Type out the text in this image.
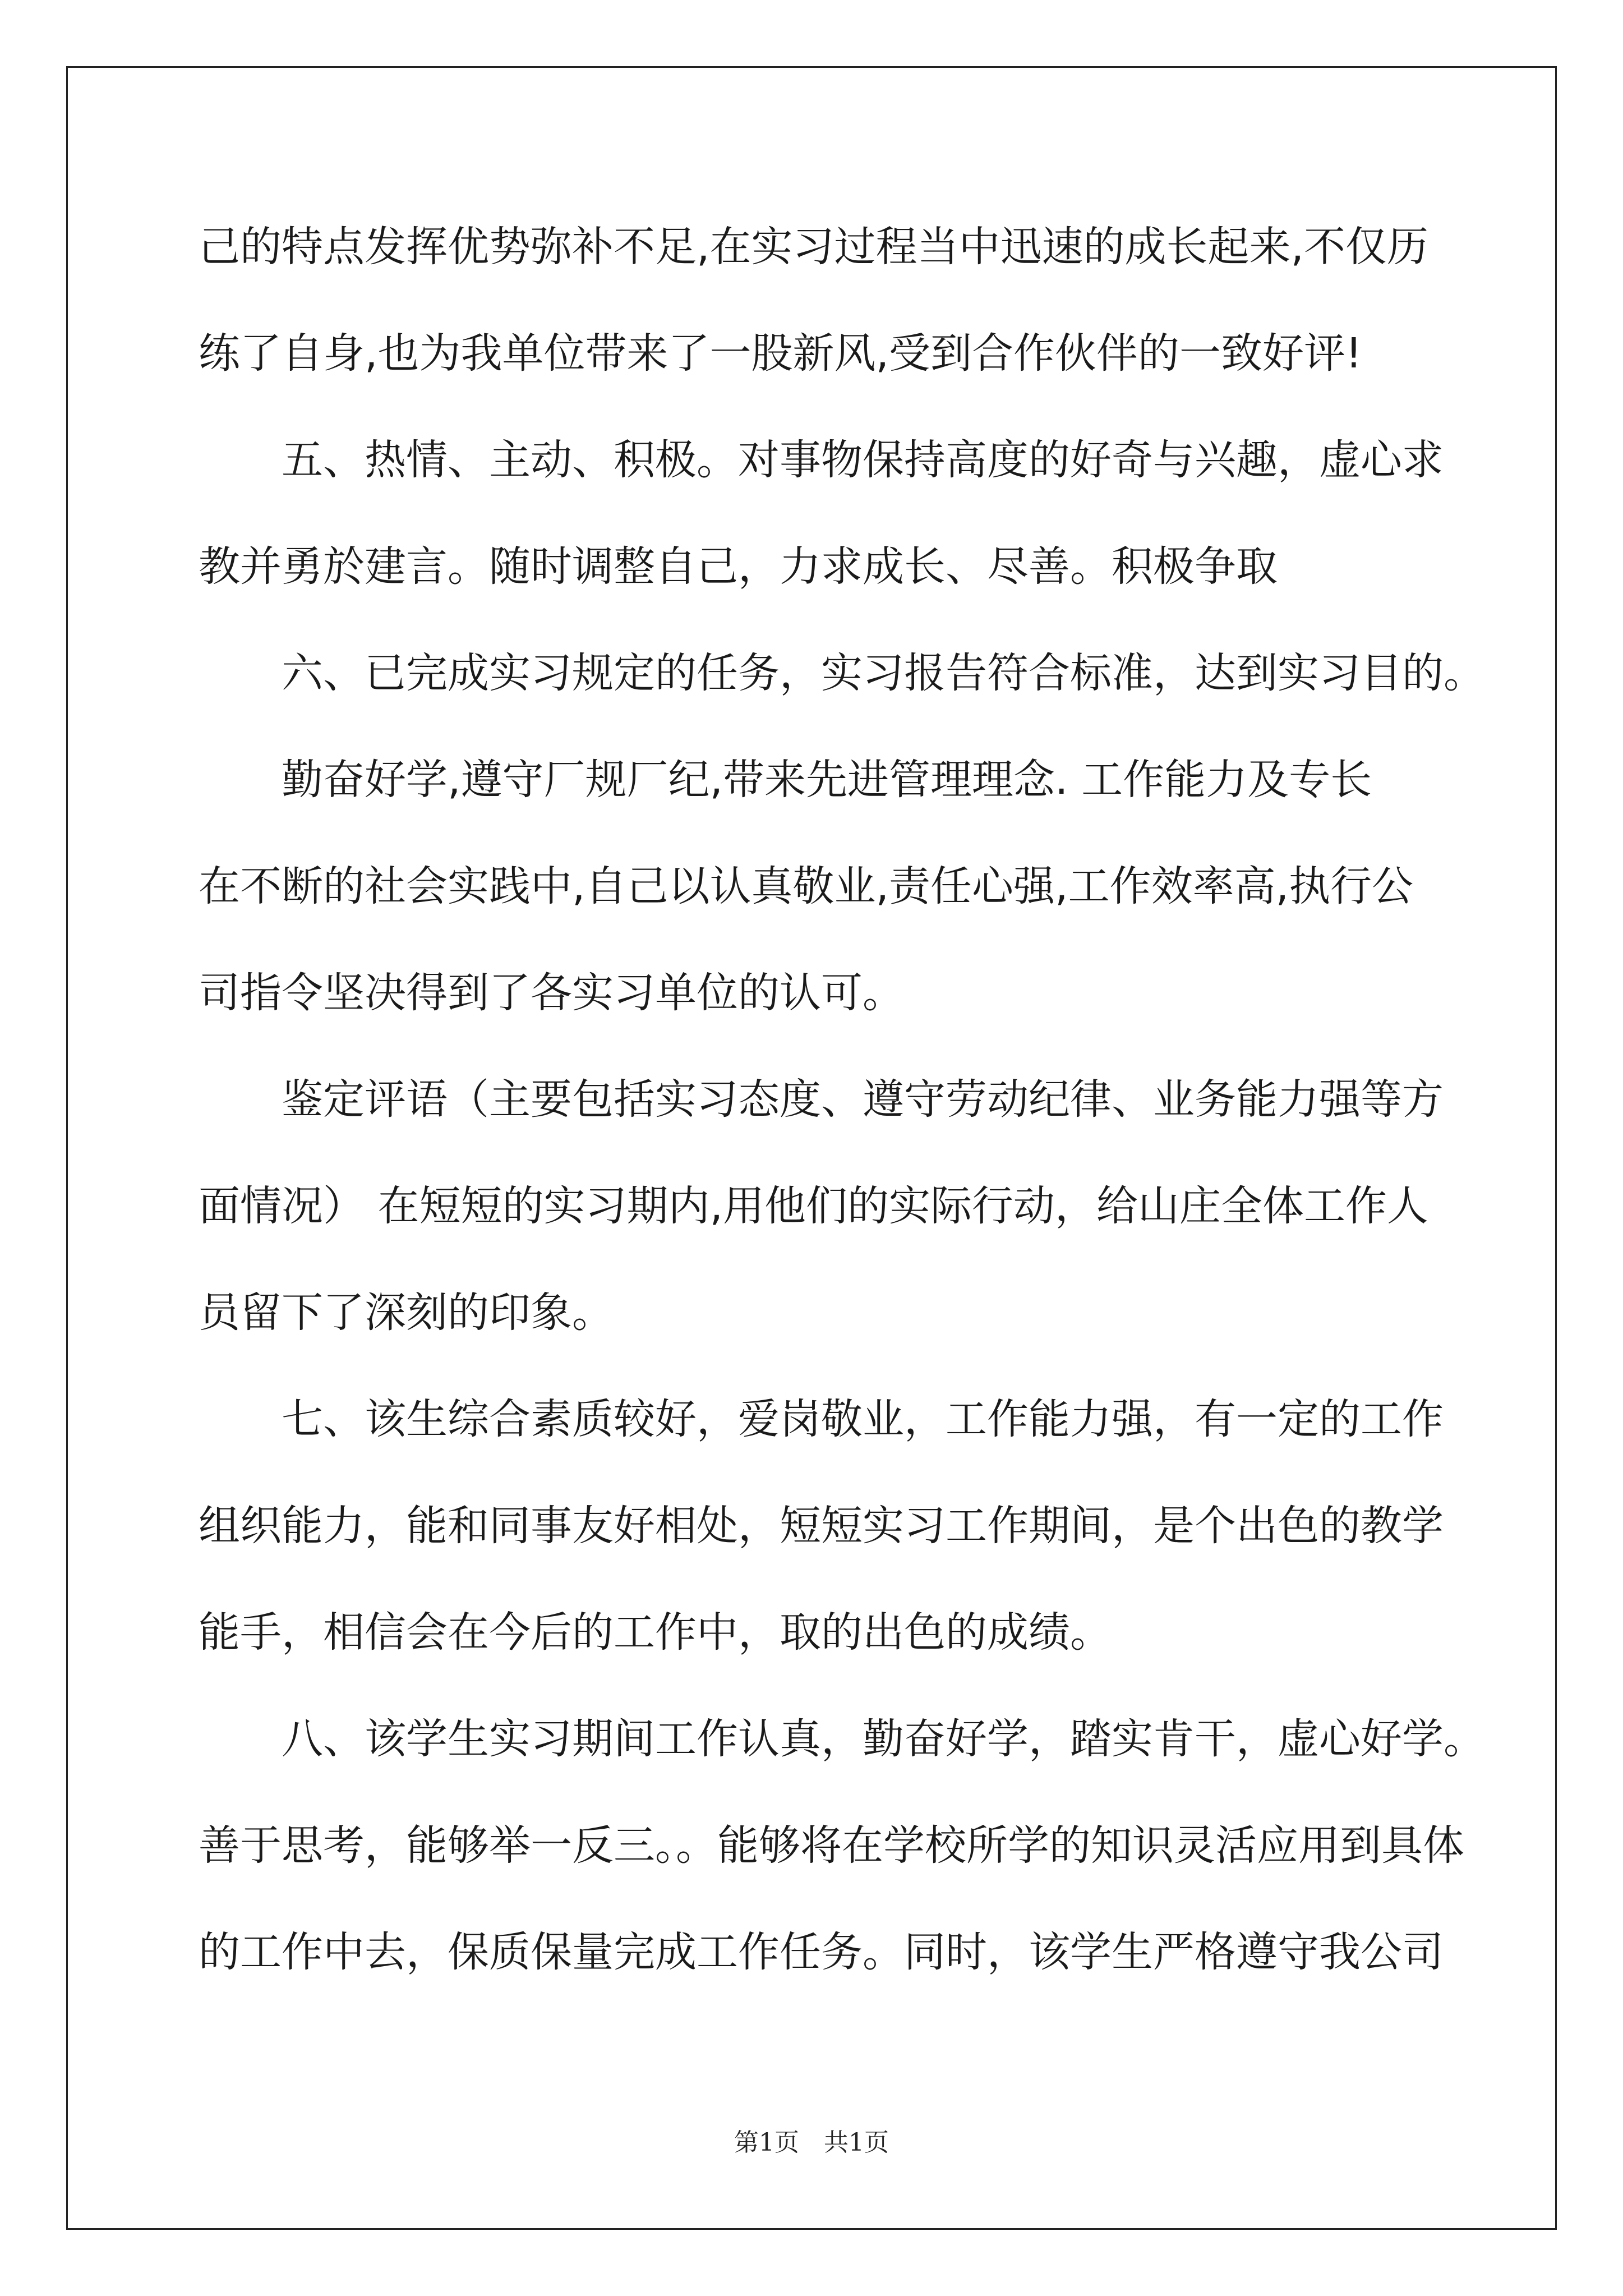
己的特点发挥优势弥补不足,在实习过程当中迅速的成长起来,不仅历
练了自身,也为我单位带来了一股新风,受到合作伙伴的一致好评!
五、热情、主动、积极。对事物保持高度的好奇与兴趣，虚心求
教并勇於建言。随时调整自己，力求成长、尽善。积极争取
六、已完成实习规定的任务，实习报告符合标准，达到实习目的。
勤奋好学,遵守厂规厂纪,带来先进管理理念. 工作能力及专长
在不断的社会实践中,自己以认真敬业,责任心强,工作效率高,执行公
司指令坚决得到了各实习单位的认可。
鉴定评语（主要包括实习态度、遵守劳动纪律、业务能力强等方
面情况） 在短短的实习期内,用他们的实际行动，给山庄全体工作人
员留下了深刻的印象。
七、该生综合素质较好，爱岗敬业，工作能力强，有一定的工作
组织能力，能和同事友好相处，短短实习工作期间，是个出色的教学
能手，相信会在今后的工作中，取的出色的成绩。
八、该学生实习期间工作认真，勤奋好学，踏实肯干，虚心好学。
善于思考，能够举一反三。。能够将在学校所学的知识灵活应用到具体
的工作中去，保质保量完成工作任务。同时，该学生严格遵守我公司
第1页　共1页
